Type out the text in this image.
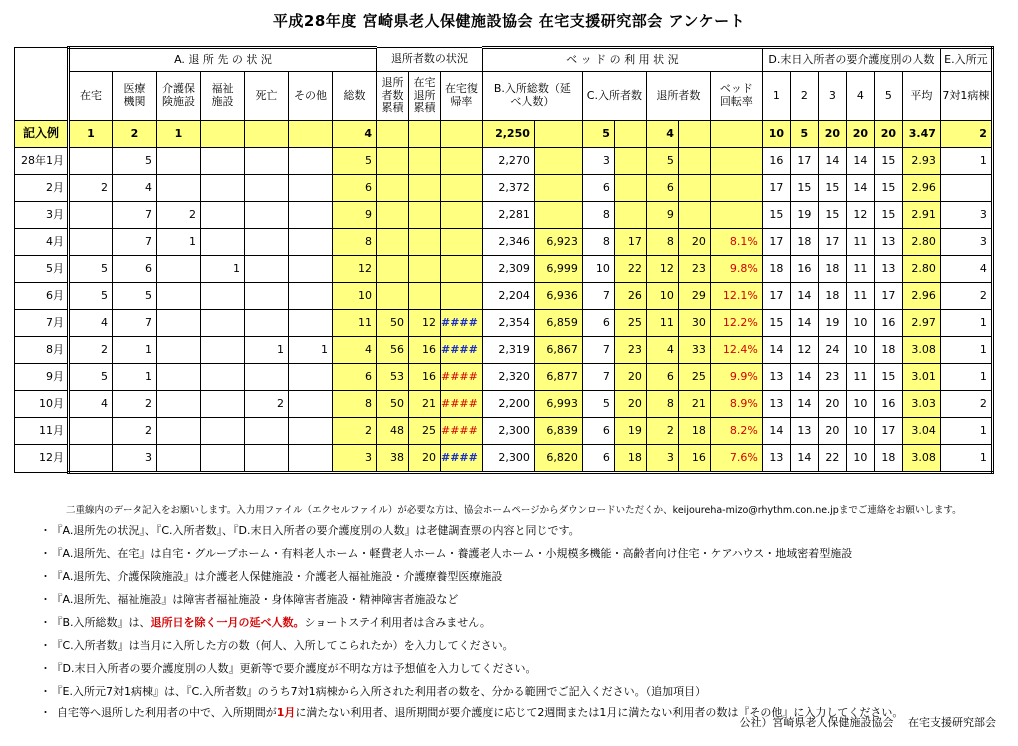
平成28年度 宮崎県老人保健施設協会 在宅支援研究部会 アンケート
	A. 退 所 先 の 状 況							退所者数の状況			ベ ッ ド の 利 用 状 況							D.末日入所者の要介護度別の人数						E.入所元
	在宅	医療機関	介護保険施設	福祉施設	死亡	その他	総数	退所者数累積	在宅退所累積	在宅復帰率	B.入所総数（延べ人数）		C.入所者数		退所者数		ベッド回転率	1	2	3	4	5	平均	7対1病棟
記入例	1	2	1				4				2,250		5		4			10	5	20	20	20	3.47	2
28年1月		5					5				2,270		3		5			16	17	14	14	15	2.93	1
2月	2	4					6				2,372		6		6			17	15	15	14	15	2.96	
3月		7	2				9				2,281		8		9			15	19	15	12	15	2.91	3
4月		7	1				8				2,346	6,923	8	17	8	20	8.1%	17	18	17	11	13	2.80	3
5月	5	6		1			12				2,309	6,999	10	22	12	23	9.8%	18	16	18	11	13	2.80	4
6月	5	5					10				2,204	6,936	7	26	10	29	12.1%	17	14	18	11	17	2.96	2
7月	4	7					11	50	12	####	2,354	6,859	6	25	11	30	12.2%	15	14	19	10	16	2.97	1
8月	2	1			1	1	4	56	16	####	2,319	6,867	7	23	4	33	12.4%	14	12	24	10	18	3.08	1
9月	5	1					6	53	16	####	2,320	6,877	7	20	6	25	9.9%	13	14	23	11	15	3.01	1
10月	4	2			2		8	50	21	####	2,200	6,993	5	20	8	21	8.9%	13	14	20	10	16	3.03	2
11月		2					2	48	25	####	2,300	6,839	6	19	2	18	8.2%	14	13	20	10	17	3.04	1
12月		3					3	38	20	####	2,300	6,820	6	18	3	16	7.6%	13	14	22	10	18	3.08	1
二重線内のデータ記入をお願いします。入力用ファイル（エクセルファイル）が必要な方は、協会ホームページからダウンロードいただくか、keijoureha-mizo@rhythm.con.ne.jpまでご連絡をお願いします。
・ 『A.退所先の状況』、『C.入所者数』、『D.末日入所者の要介護度別の人数』は老健調査票の内容と同じです。
・ 『A.退所先、在宅』は自宅・グループホーム・有料老人ホーム・軽費老人ホーム・養護老人ホーム・小規模多機能・高齢者向け住宅・ケアハウス・地域密着型施設
・ 『A.退所先、介護保険施設』は介護老人保健施設・介護老人福祉施設・介護療養型医療施設
・ 『A.退所先、福祉施設』は障害者福祉施設・身体障害者施設・精神障害者施設など
・ 『B.入所総数』は、退所日を除く一月の延べ人数。ショートステイ利用者は含みません。
・ 『C.入所者数』は当月に入所した方の数（何人、入所してこられたか）を入力してください。
・ 『D.末日入所者の要介護度別の人数』更新等で要介護度が不明な方は予想値を入力してください。
・ 『E.入所元7対1病棟』は、『C.入所者数』のうち7対1病棟から入所された利用者の数を、分かる範囲でご記入ください。（追加項目）
・ 自宅等へ退所した利用者の中で、入所期間が1月に満たない利用者、退所期間が要介護度に応じて2週間または1月に満たない利用者の数は『その他』に入力してください。
公社）宮崎県老人保健施設協会　 在宅支援研究部会
